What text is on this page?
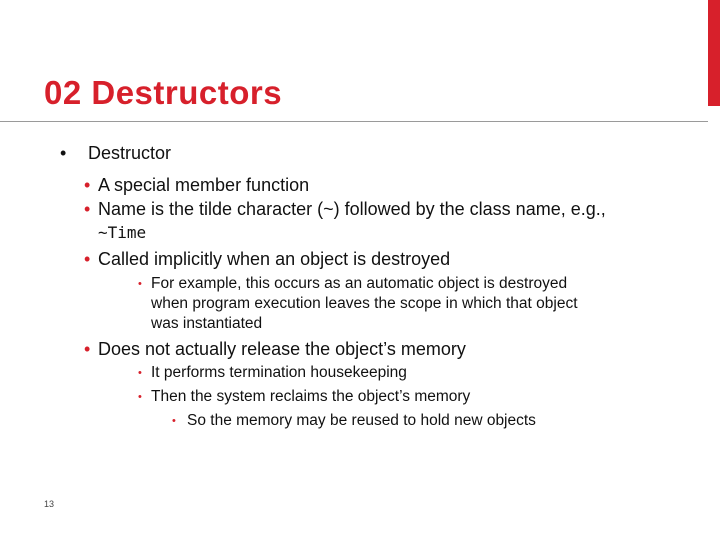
02 Destructors
• Destructor
• A special member function
• Name is the tilde character (~) followed by the class name, e.g.,
~Time
• Called implicitly when an object is destroyed
• For example, this occurs as an automatic object is destroyed
when program execution leaves the scope in which that object
was instantiated
• Does not actually release the object’s memory
• It performs termination housekeeping
• Then the system reclaims the object’s memory
• So the memory may be reused to hold new objects
13
